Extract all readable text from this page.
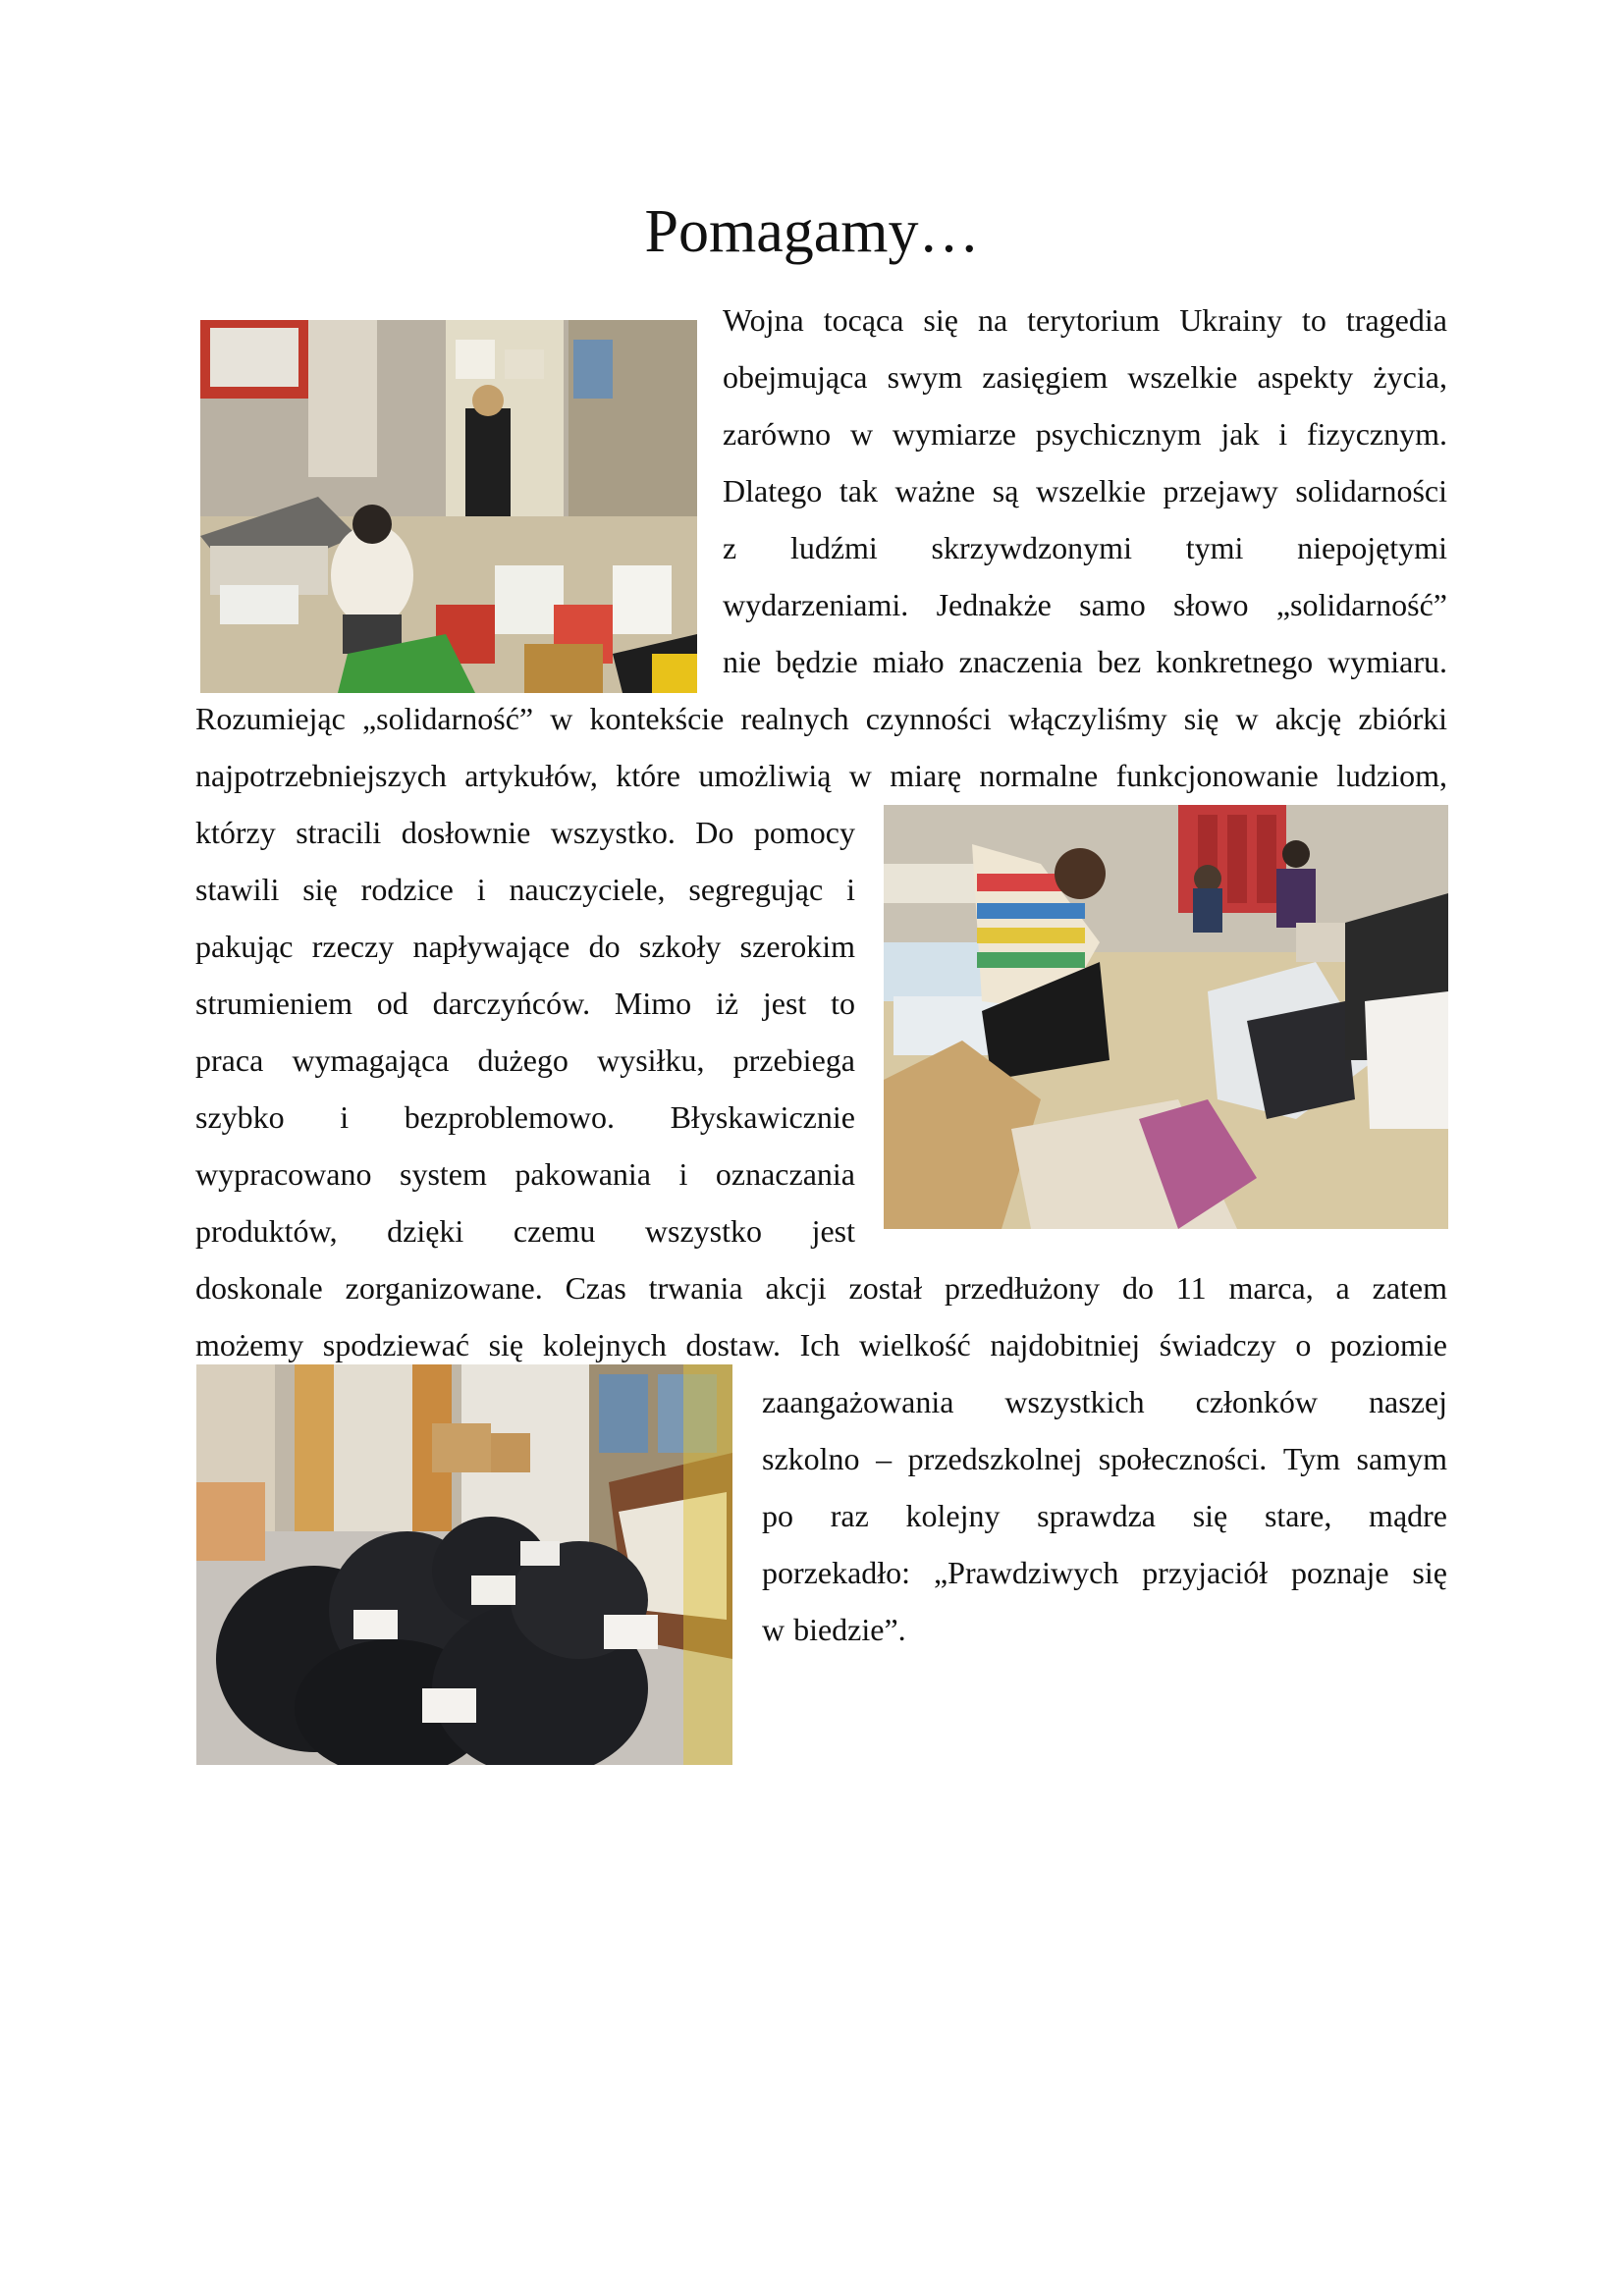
Pomagamy…
Wojna tocąca się na terytorium Ukrainy to tragedia
obejmująca swym zasięgiem wszelkie aspekty życia,
zarówno w wymiarze psychicznym jak i fizycznym.
Dlatego tak ważne są wszelkie przejawy solidarności
z ludźmi skrzywdzonymi tymi niepojętymi
wydarzeniami. Jednakże samo słowo „solidarność”
nie będzie miało znaczenia bez konkretnego wymiaru.
Rozumiejąc „solidarność” w kontekście realnych czynności włączyliśmy się w akcję zbiórki
najpotrzebniejszych artykułów, które umożliwią w miarę normalne funkcjonowanie ludziom,
którzy stracili dosłownie wszystko. Do pomocy
stawili się rodzice i nauczyciele, segregując i
pakując rzeczy napływające do szkoły szerokim
strumieniem od darczyńców. Mimo iż jest to
praca wymagająca dużego wysiłku, przebiega
szybko i bezproblemowo. Błyskawicznie
wypracowano system pakowania i oznaczania
produktów, dzięki czemu wszystko jest
doskonale zorganizowane. Czas trwania akcji został przedłużony do 11 marca, a zatem
możemy spodziewać się kolejnych dostaw. Ich wielkość najdobitniej świadczy o poziomie
zaangażowania wszystkich członków naszej
szkolno – przedszkolnej społeczności. Tym samym
po raz kolejny sprawdza się stare, mądre
porzekadło: „Prawdziwych przyjaciół poznaje się
w biedzie”.
